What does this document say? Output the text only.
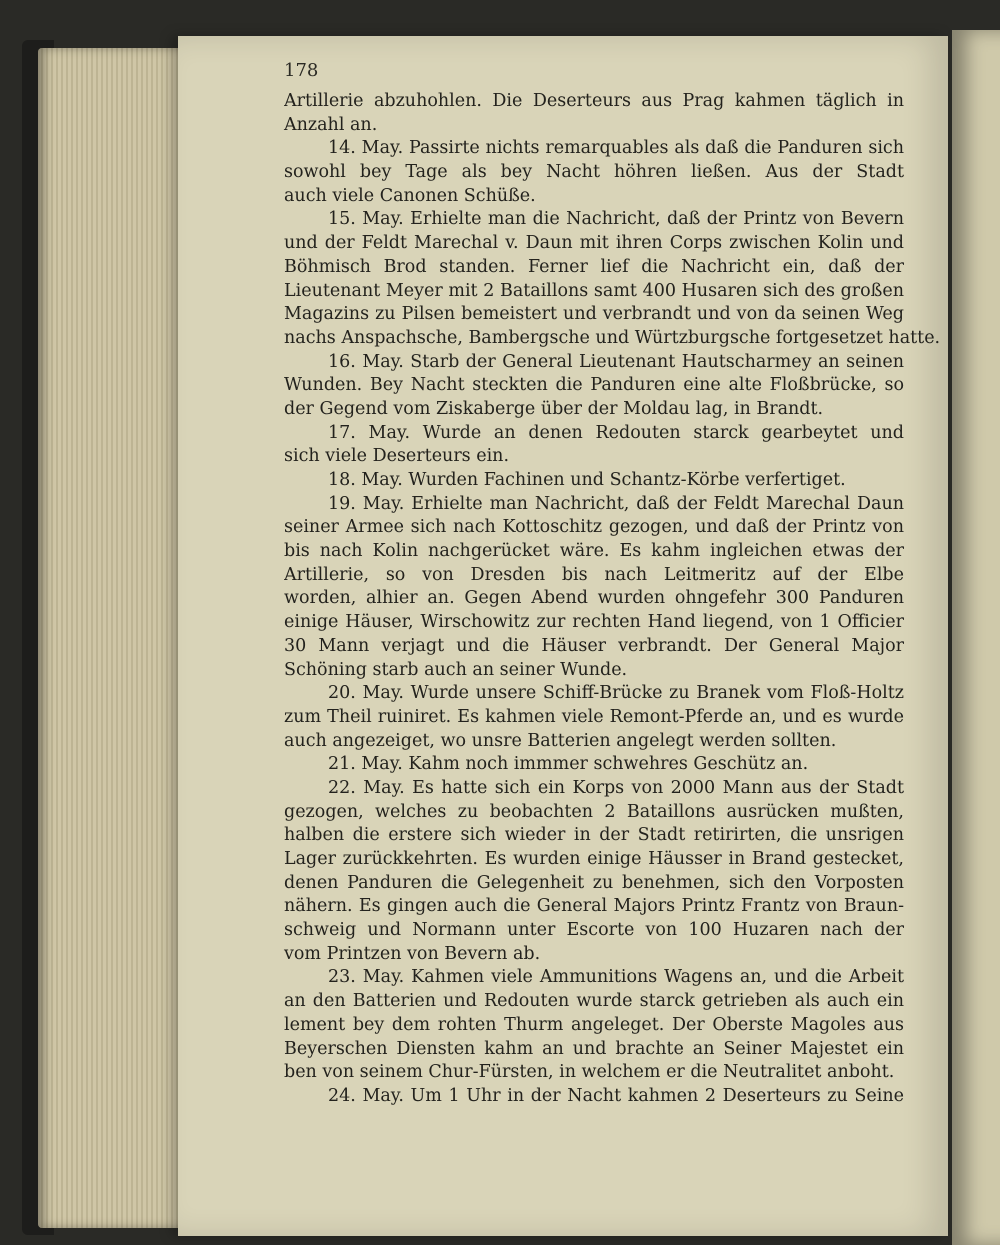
178
Artillerie abzuhohlen. Die Deserteurs aus Prag kahmen täglich in
Anzahl an.
14. May. Passirte nichts remarquables als daß die Panduren sich
sowohl bey Tage als bey Nacht höhren ließen. Aus der Stadt
auch viele Canonen Schüße.
15. May. Erhielte man die Nachricht, daß der Printz von Bevern
und der Feldt Marechal v. Daun mit ihren Corps zwischen Kolin und
Böhmisch Brod standen. Ferner lief die Nachricht ein, daß der
Lieutenant Meyer mit 2 Bataillons samt 400 Husaren sich des großen
Magazins zu Pilsen bemeistert und verbrandt und von da seinen Weg
nachs Anspachsche, Bambergsche und Würtzburgsche fortgesetzet hatte.
16. May. Starb der General Lieutenant Hautscharmey an seinen
Wunden. Bey Nacht steckten die Panduren eine alte Floßbrücke, so
der Gegend vom Ziskaberge über der Moldau lag, in Brandt.
17. May. Wurde an denen Redouten starck gearbeytet und
sich viele Deserteurs ein.
18. May. Wurden Fachinen und Schantz-Körbe verfertiget.
19. May. Erhielte man Nachricht, daß der Feldt Marechal Daun
seiner Armee sich nach Kottoschitz gezogen, und daß der Printz von
bis nach Kolin nachgerücket wäre. Es kahm ingleichen etwas der
Artillerie, so von Dresden bis nach Leitmeritz auf der Elbe
worden, alhier an. Gegen Abend wurden ohngefehr 300 Panduren
einige Häuser, Wirschowitz zur rechten Hand liegend, von 1 Officier
30 Mann verjagt und die Häuser verbrandt. Der General Major
Schöning starb auch an seiner Wunde.
20. May. Wurde unsere Schiff-Brücke zu Branek vom Floß-Holtz
zum Theil ruiniret. Es kahmen viele Remont-Pferde an, und es wurde
auch angezeiget, wo unsre Batterien angelegt werden sollten.
21. May. Kahm noch immmer schwehres Geschütz an.
22. May. Es hatte sich ein Korps von 2000 Mann aus der Stadt
gezogen, welches zu beobachten 2 Bataillons ausrücken mußten,
halben die erstere sich wieder in der Stadt retirirten, die unsrigen
Lager zurückkehrten. Es wurden einige Häusser in Brand gestecket,
denen Panduren die Gelegenheit zu benehmen, sich den Vorposten
nähern. Es gingen auch die General Majors Printz Frantz von Braun-
schweig und Normann unter Escorte von 100 Huzaren nach der
vom Printzen von Bevern ab.
23. May. Kahmen viele Ammunitions Wagens an, und die Arbeit
an den Batterien und Redouten wurde starck getrieben als auch ein
lement bey dem rohten Thurm angeleget. Der Oberste Magoles aus
Beyerschen Diensten kahm an und brachte an Seiner Majestet ein
ben von seinem Chur-Fürsten, in welchem er die Neutralitet anboht.
24. May. Um 1 Uhr in der Nacht kahmen 2 Deserteurs zu Seine
